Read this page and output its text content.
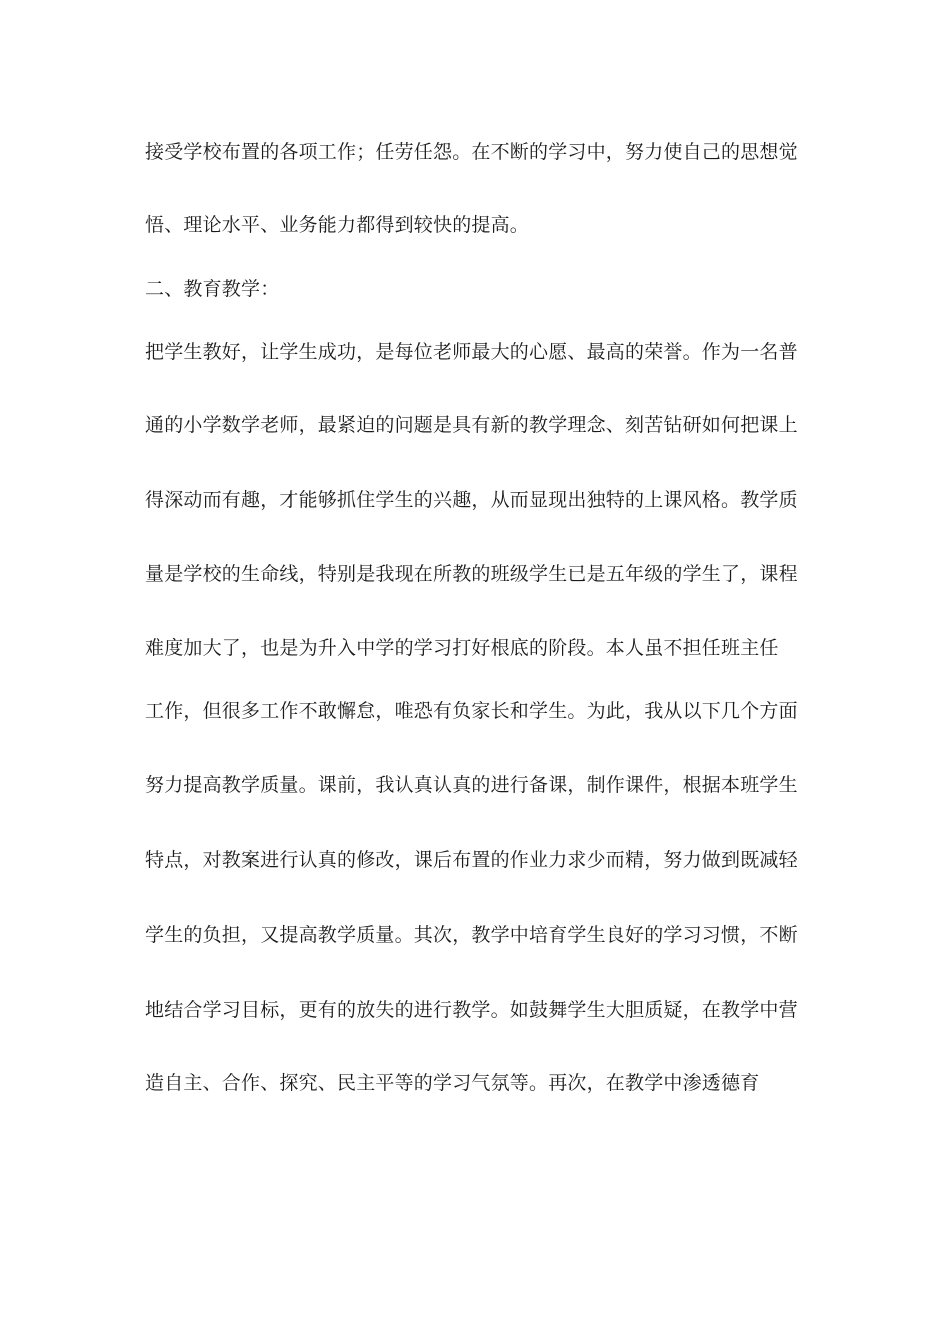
接受学校布置的各项工作；任劳任怨。在不断的学习中，努力使自己的思想觉
悟、理论水平、业务能力都得到较快的提高。
二、教育教学：
把学生教好，让学生成功，是每位老师最大的心愿、最高的荣誉。作为一名普
通的小学数学老师，最紧迫的问题是具有新的教学理念、刻苦钻研如何把课上
得深动而有趣，才能够抓住学生的兴趣，从而显现出独特的上课风格。教学质
量是学校的生命线，特别是我现在所教的班级学生已是五年级的学生了，课程
难度加大了，也是为升入中学的学习打好根底的阶段。本人虽不担任班主任
工作，但很多工作不敢懈怠，唯恐有负家长和学生。为此，我从以下几个方面
努力提高教学质量。课前，我认真认真的进行备课，制作课件，根据本班学生
特点，对教案进行认真的修改，课后布置的作业力求少而精，努力做到既减轻
学生的负担，又提高教学质量。其次，教学中培育学生良好的学习习惯，不断
地结合学习目标，更有的放失的进行教学。如鼓舞学生大胆质疑，在教学中营
造自主、合作、探究、民主平等的学习气氛等。再次，在教学中渗透德育
